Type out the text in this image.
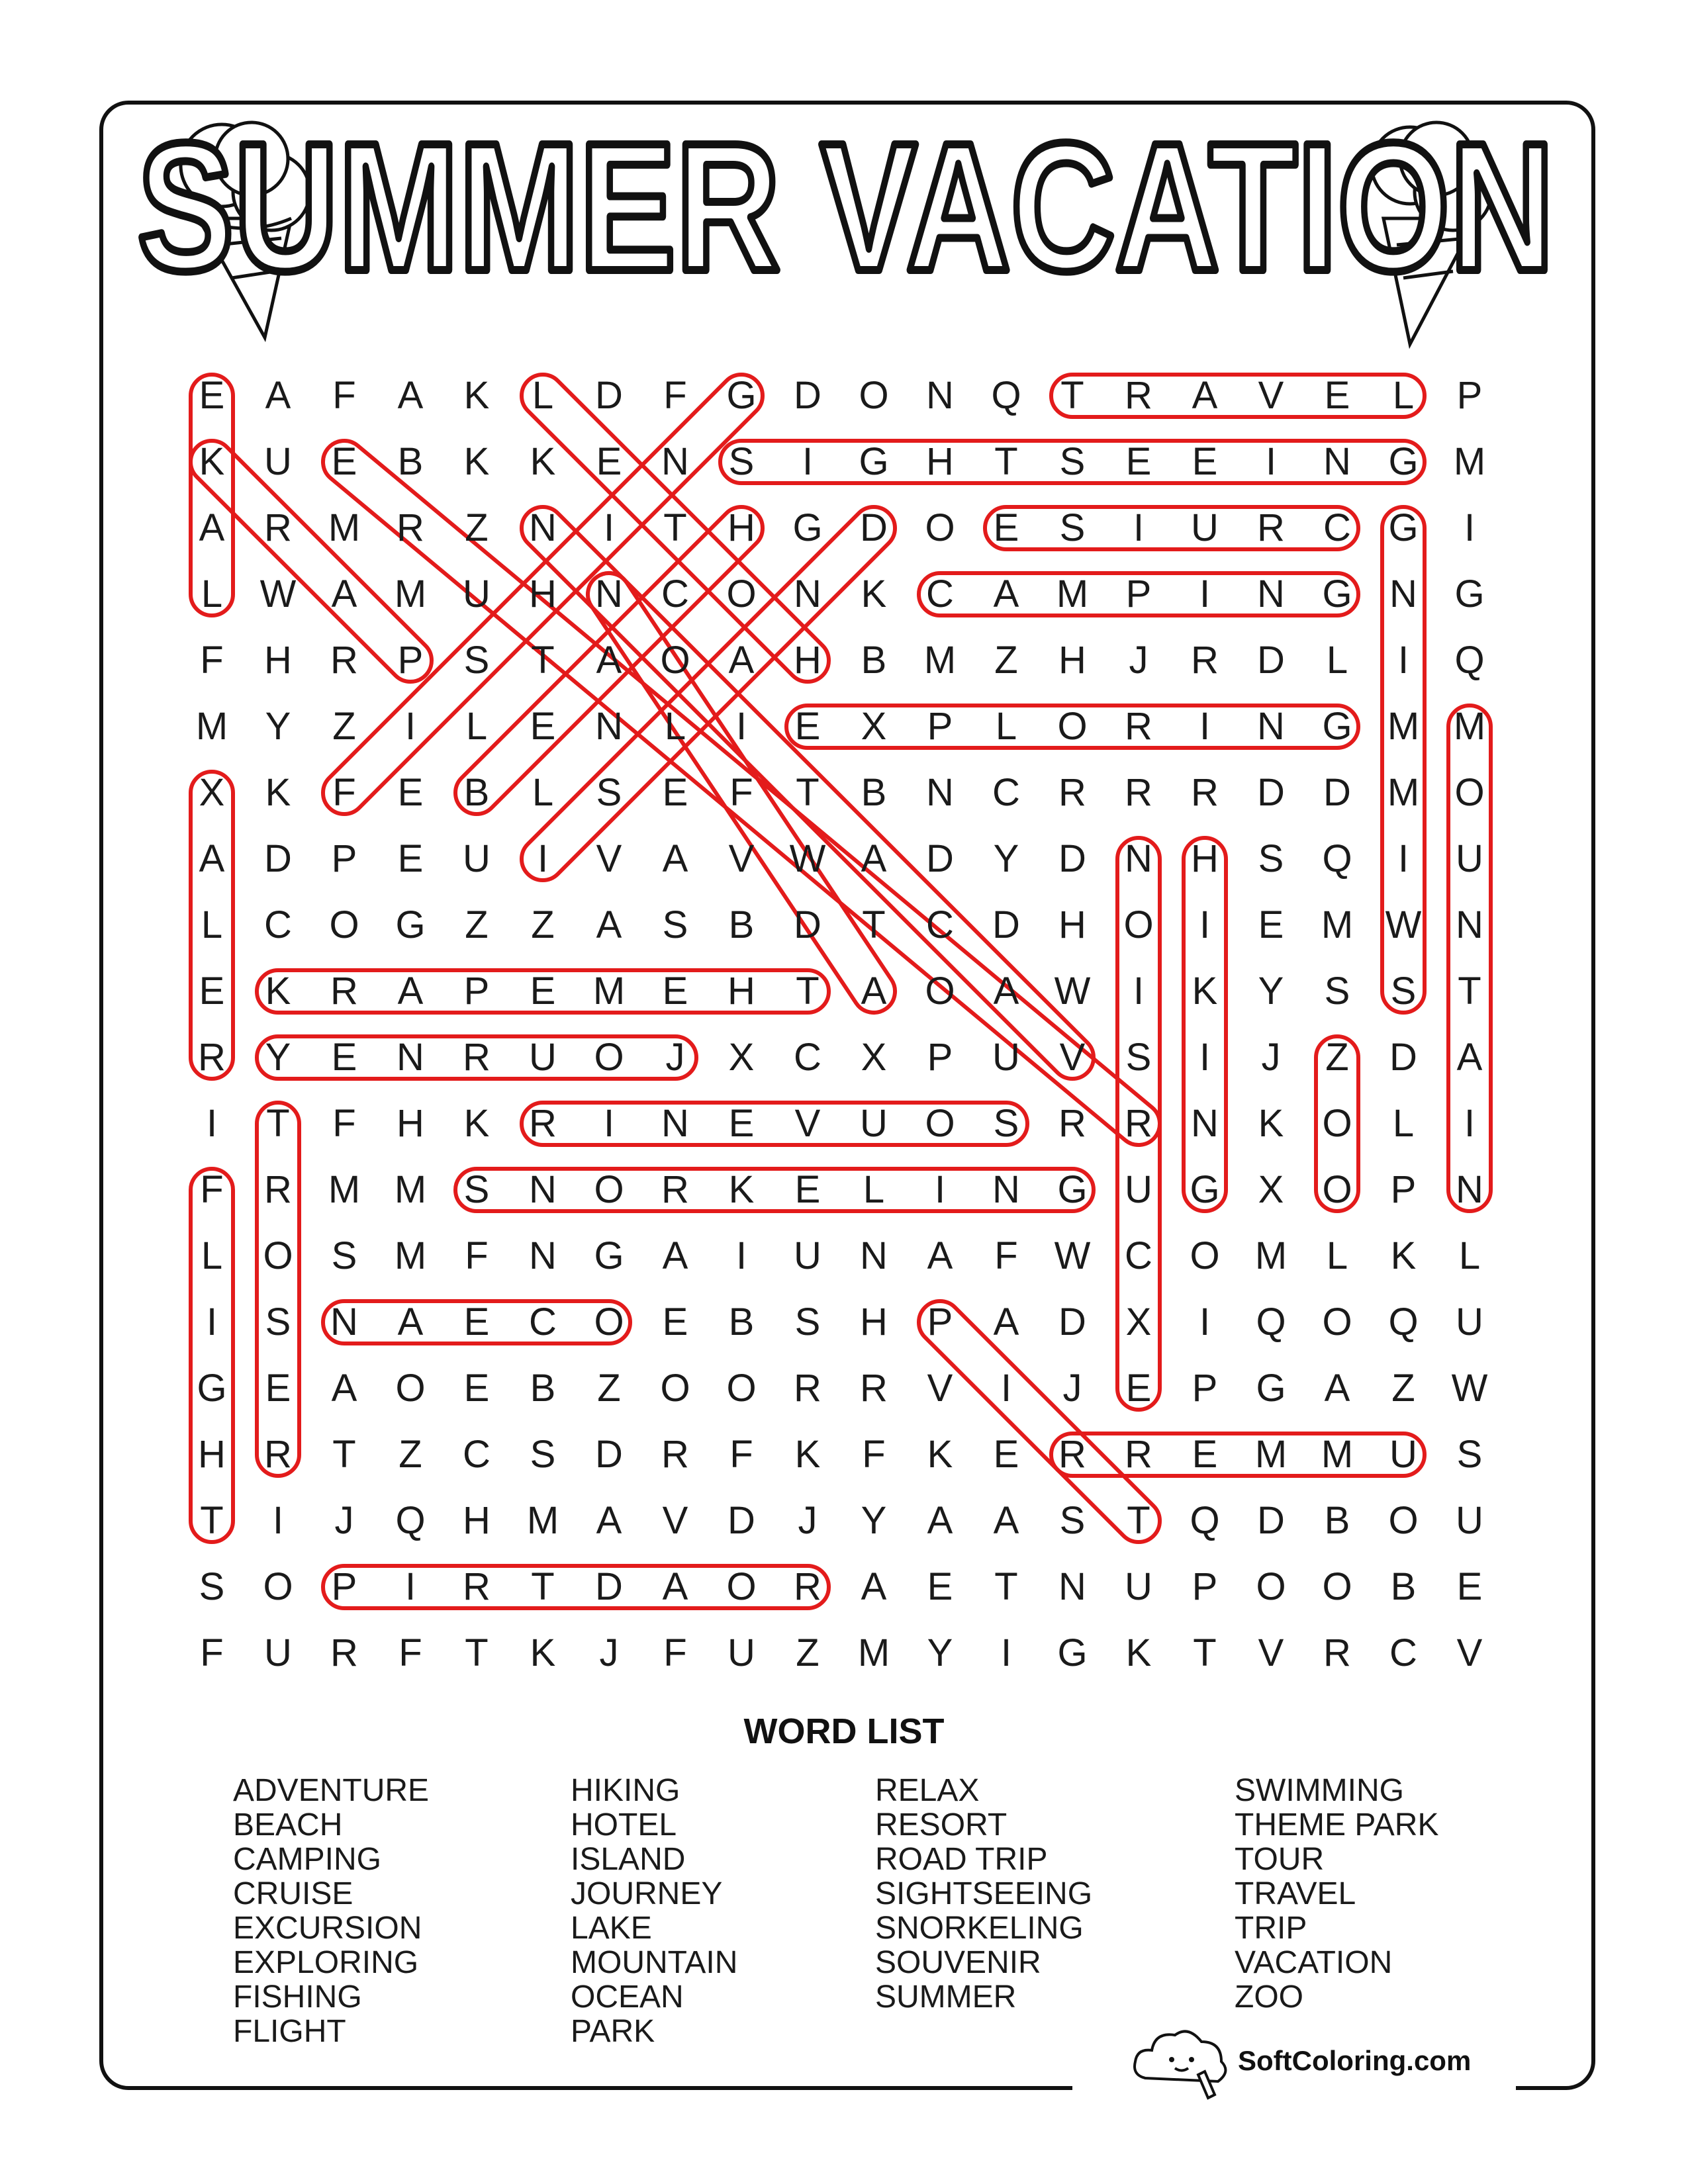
SUMMER VACATION
E	A	F	A	K	L	D	F	G D O N Q	T	R	A	V	E	L	P
K	U	E	B	K	K	E	N	S	I	G H	T	S	E	E	I	N G M
A	R M R	Z	N	I	T	H G D O	E	S	I	U	R	C G	I
L W A M U	H	N	C O N	K	C	A M P	I	N G N G
F	H	R	P	S	T	A	O	A	H	B M	Z	H	J	R	D	L	I	Q
M Y	Z	I	L	E	N	L	I	E	X	P	L	O R	I	N G M M
X	K	F	E	B	L	S	E	F	T	B	N	C	R	R	R	D	D M O
A	D	P	E	U	I	V	A	V W A	D	Y	D	N	H	S	Q	I	U
L	C O G	Z	Z	A	S	B	D	T	C	D	H O	I	E M W N
E	K	R	A	P	E M E	H	T	A	O	A W	I	K	Y	S	S	T
R	Y	E	N	R	U O	J	X	C	X	P	U	V	S	I	J	Z	D	A
I	T	F	H	K	R	I	N	E	V	U O	S	R	R	N	K	O	L	I
F	R M M S	N O R	K	E	L	I	N G U G	X	O	P	N
L	O	S M	F	N G	A	I	U	N	A	F W C O M	L	K	L
I	S	N	A	E	C O	E	B	S	H	P	A	D	X	I	Q O Q U
G	E	A	O	E	B	Z	O O R	R	V	I	J	E	P	G	A	Z W
H	R	T	Z	C	S	D	R	F	K	F	K	E	R	R	E M M U	S
T	I	J	Q H M A	V	D	J	Y	A	A	S	T	Q D	B	O U
S	O	P	I	R	T	D	A	O R	A	E	T	N	U	P	O O	B	E
F	U	R	F	T	K	J	F	U	Z	M Y	I	G	K	T	V	R	C	V
WORD LIST
ADVENTURE
BEACH
CAMPING
CRUISE
EXCURSION
EXPLORING
FISHING
FLIGHT
HIKING
HOTEL
ISLAND
JOURNEY
LAKE
MOUNTAIN
OCEAN
PARK
RELAX
RESORT
ROAD TRIP
SIGHTSEEING
SNORKELING
SOUVENIR
SUMMER
SWIMMING
THEME PARK
TOUR
TRAVEL
TRIP
VACATION
ZOO
SoftColoring.com
